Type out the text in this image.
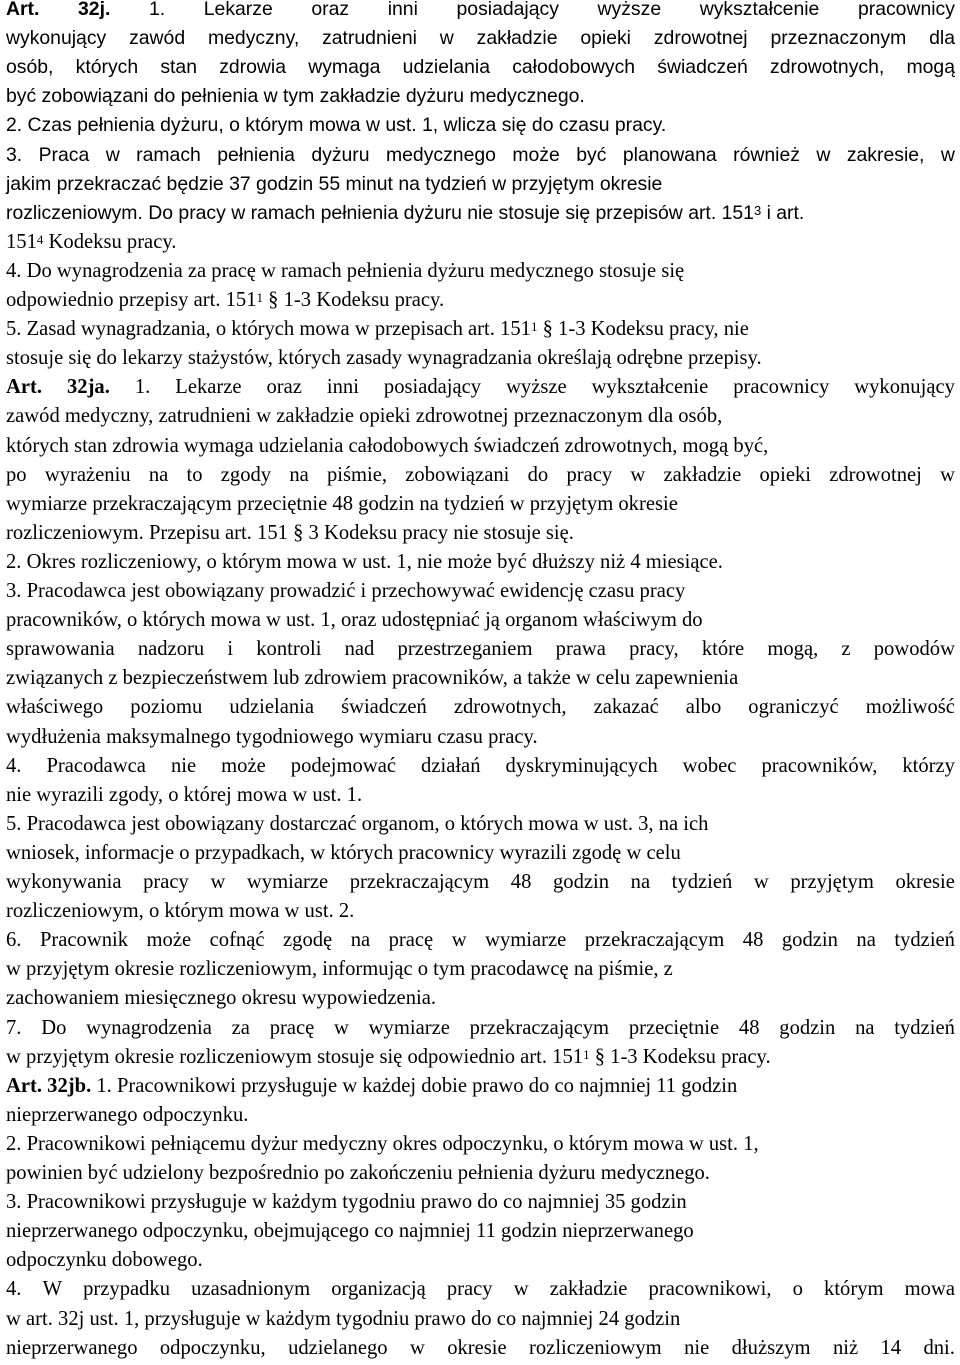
Art. 32j. 1. Lekarze oraz inni posiadający wyższe wykształcenie pracownicy
wykonujący zawód medyczny, zatrudnieni w zakładzie opieki zdrowotnej przeznaczonym dla
osób, których stan zdrowia wymaga udzielania całodobowych świadczeń zdrowotnych, mogą
być zobowiązani do pełnienia w tym zakładzie dyżuru medycznego.
2. Czas pełnienia dyżuru, o którym mowa w ust. 1, wlicza się do czasu pracy.
3. Praca w ramach pełnienia dyżuru medycznego może być planowana również w zakresie, w
jakim przekraczać będzie 37 godzin 55 minut na tydzień w przyjętym okresie
rozliczeniowym. Do pracy w ramach pełnienia dyżuru nie stosuje się przepisów art. $151^3$ i art.
$151^4$ Kodeksu pracy.
4. Do wynagrodzenia za pracę w ramach pełnienia dyżuru medycznego stosuje się
odpowiednio przepisy art. $151^1$ § 1-3 Kodeksu pracy.
5. Zasad wynagradzania, o których mowa w przepisach art. $151^1$ § 1-3 Kodeksu pracy, nie
stosuje się do lekarzy stażystów, których zasady wynagradzania określają odrębne przepisy.
Art. 32ja. 1. Lekarze oraz inni posiadający wyższe wykształcenie pracownicy wykonujący
zawód medyczny, zatrudnieni w zakładzie opieki zdrowotnej przeznaczonym dla osób,
których stan zdrowia wymaga udzielania całodobowych świadczeń zdrowotnych, mogą być,
po wyrażeniu na to zgody na piśmie, zobowiązani do pracy w zakładzie opieki zdrowotnej w
wymiarze przekraczającym przeciętnie 48 godzin na tydzień w przyjętym okresie
rozliczeniowym. Przepisu art. 151 § 3 Kodeksu pracy nie stosuje się.
2. Okres rozliczeniowy, o którym mowa w ust. 1, nie może być dłuższy niż 4 miesiące.
3. Pracodawca jest obowiązany prowadzić i przechowywać ewidencję czasu pracy
pracowników, o których mowa w ust. 1, oraz udostępniać ją organom właściwym do
sprawowania nadzoru i kontroli nad przestrzeganiem prawa pracy, które mogą, z powodów
związanych z bezpieczeństwem lub zdrowiem pracowników, a także w celu zapewnienia
właściwego poziomu udzielania świadczeń zdrowotnych, zakazać albo ograniczyć możliwość
wydłużenia maksymalnego tygodniowego wymiaru czasu pracy.
4. Pracodawca nie może podejmować działań dyskryminujących wobec pracowników, którzy
nie wyrazili zgody, o której mowa w ust. 1.
5. Pracodawca jest obowiązany dostarczać organom, o których mowa w ust. 3, na ich
wniosek, informacje o przypadkach, w których pracownicy wyrazili zgodę w celu
wykonywania pracy w wymiarze przekraczającym 48 godzin na tydzień w przyjętym okresie
rozliczeniowym, o którym mowa w ust. 2.
6. Pracownik może cofnąć zgodę na pracę w wymiarze przekraczającym 48 godzin na tydzień
w przyjętym okresie rozliczeniowym, informując o tym pracodawcę na piśmie, z
zachowaniem miesięcznego okresu wypowiedzenia.
7. Do wynagrodzenia za pracę w wymiarze przekraczającym przeciętnie 48 godzin na tydzień
w przyjętym okresie rozliczeniowym stosuje się odpowiednio art. $151^1$ § 1-3 Kodeksu pracy.
Art. 32jb. 1. Pracownikowi przysługuje w każdej dobie prawo do co najmniej 11 godzin
nieprzerwanego odpoczynku.
2. Pracownikowi pełniącemu dyżur medyczny okres odpoczynku, o którym mowa w ust. 1,
powinien być udzielony bezpośrednio po zakończeniu pełnienia dyżuru medycznego.
3. Pracownikowi przysługuje w każdym tygodniu prawo do co najmniej 35 godzin
nieprzerwanego odpoczynku, obejmującego co najmniej 11 godzin nieprzerwanego
odpoczynku dobowego.
4. W przypadku uzasadnionym organizacją pracy w zakładzie pracownikowi, o którym mowa
w art. 32j ust. 1, przysługuje w każdym tygodniu prawo do co najmniej 24 godzin
nieprzerwanego odpoczynku, udzielanego w okresie rozliczeniowym nie dłuższym niż 14 dni.
